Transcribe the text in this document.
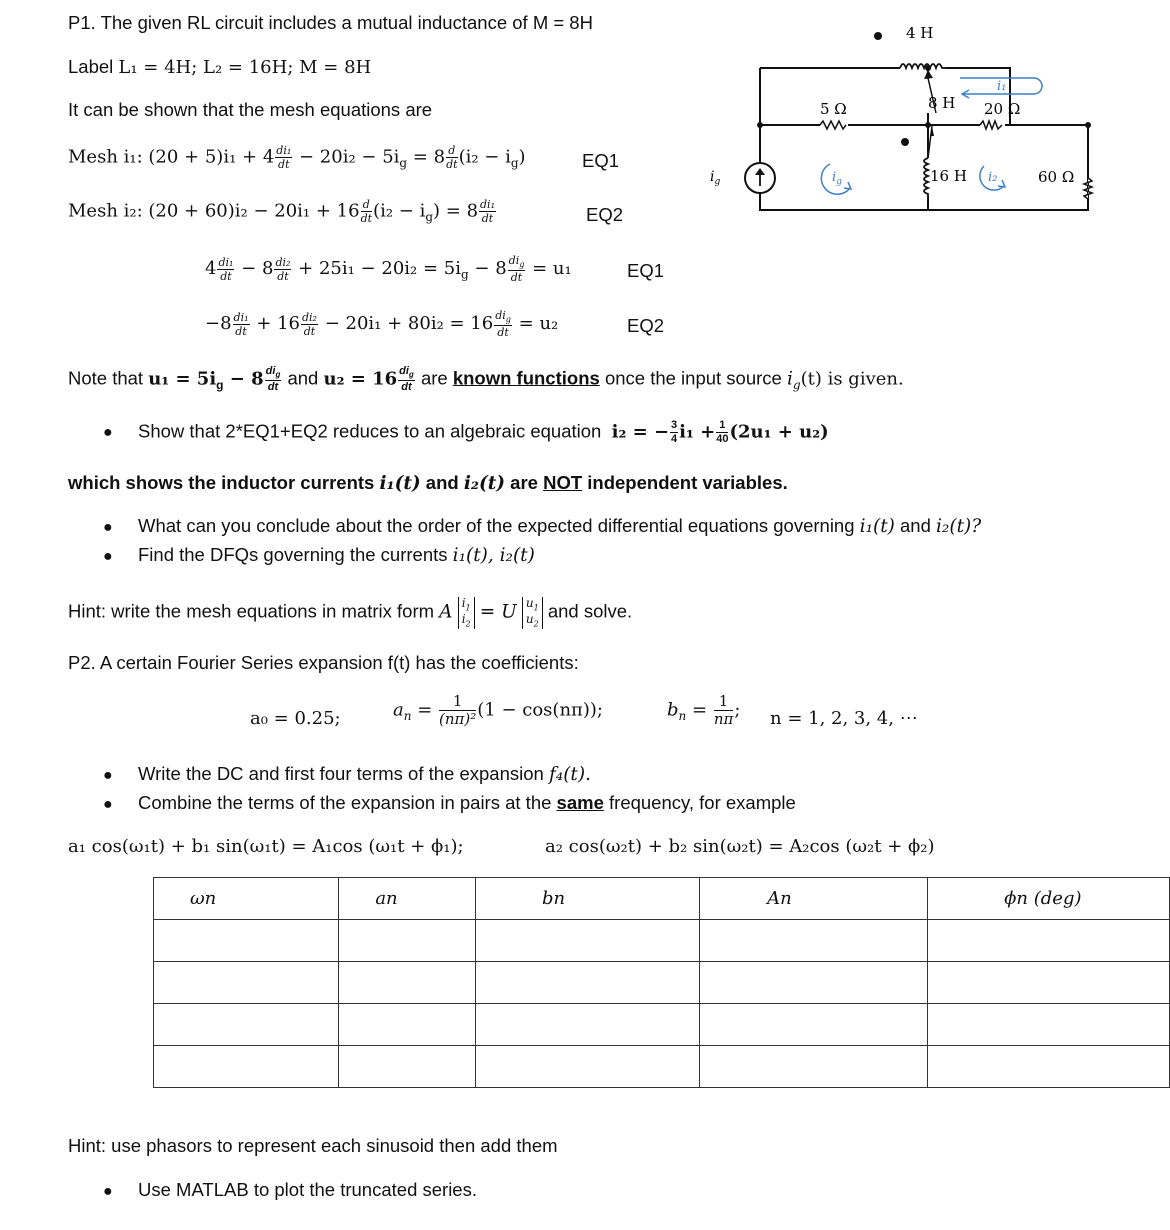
P1. The given RL circuit includes a mutual inductance of M = 8H
Label L₁ = 4H; L₂ = 16H; M = 8H
It can be shown that the mesh equations are
Mesh i₁: $(20 + 5)i_1 + 4 \frac{\text{di₁}}{dt} - 20i_2 - 5i_g = 8 \frac{d}{dt} (i_2 - i_g)$	EQ1
Mesh i₂: $(20 + 60)i_2 - 20i_1 + 16 \frac{d}{dt} (i_2 - i_g) = 8 \frac{\text{di₁}}{dt}$	EQ2
$4 \frac{\text{di₁}}{dt} - 8 \frac{\text{di₂}}{dt} + 25i_1 - 20i_2 = 5i_g - 8 \frac{di_g}{dt} = u_1$	EQ1
$-8 \frac{\text{di₁}}{dt} + 16 \frac{\text{di₂}}{dt} - 20i_1 + 80i_2 = 16 \frac{di_g}{dt} = u_2$	EQ2
Note that $u_1 = 5i_g - 8 \frac{di_g}{dt}$ and $u_2 = 16 \frac{di_g}{dt}$ are known functions once the input source $i_g(t)$ is given.
● Show that 2*EQ1+EQ2 reduces to an algebraic equation i₂ = − $\frac{3}{4} i_1 + \frac{1}{40} (2u_1 + u_2)$
which shows the inductor currents i₁(t) and i₂(t) are NOT independent variables.
● What can you conclude about the order of the expected differential equations governing i₁(t) and i₂(t)?
● Find the DFQs governing the currents i₁(t), i₂(t)
Hint: write the mesh equations in matrix form A $i_1$
$i_2 = U$ $u_1$
$u_2$ and solve.
4 H
8 H
16 H
5 Ω	20 Ω
60 Ω
i₁
i₂
$i_g$
$i_g$
P2. A certain Fourier Series expansion f(t) has the coefficients:
a₀ = 0.25;	$a_n = \frac{1}{\text{(nπ)²}} (1 - \cos(n\pi))$;	$b_n = \frac{1}{n\pi}$ ; n = 1, 2, 3, 4, ⋯
● Write the DC and first four terms of the expansion f₄(t).
● Combine the terms of the expansion in pairs at the same frequency, for example
a₁ cos(ω₁t) + b₁ sin(ω₁t) = A₁cos (ω₁t + ϕ₁);	a₂ cos(ω₂t) + b₂ sin(ω₂t) = A₂cos (ω₂t + ϕ₂)
ωn	an	bn	An	ϕn (deg)

Hint: use phasors to represent each sinusoid then add them
● Use MATLAB to plot the truncated series.
